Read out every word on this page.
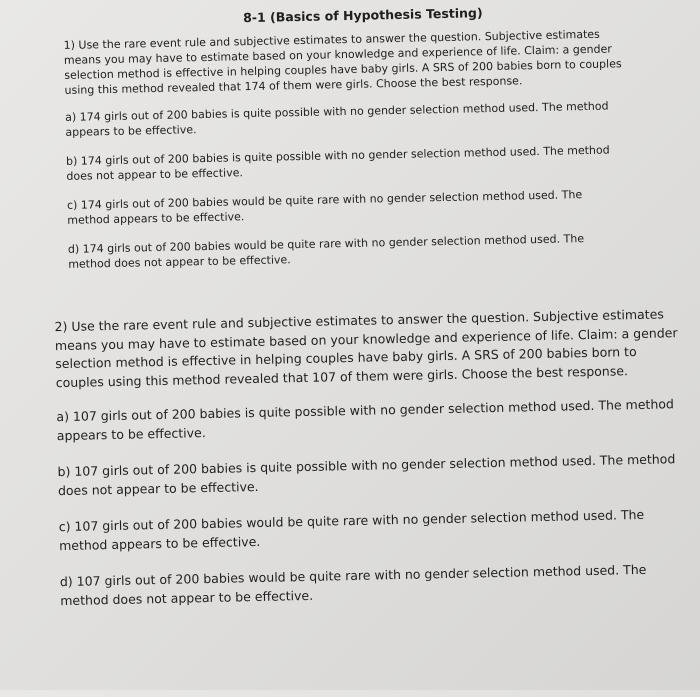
8-1 (Basics of Hypothesis Testing)

1) Use the rare event rule and subjective estimates to answer the question. Subjective estimates means you may have to estimate based on your knowledge and experience of life. Claim: a gender selection method is effective in helping couples have baby girls. A SRS of 200 babies born to couples using this method revealed that 174 of them were girls. Choose the best response.

a) 174 girls out of 200 babies is quite possible with no gender selection method used. The method appears to be effective.

b) 174 girls out of 200 babies is quite possible with no gender selection method used. The method does not appear to be effective.

c) 174 girls out of 200 babies would be quite rare with no gender selection method used. The method appears to be effective.

d) 174 girls out of 200 babies would be quite rare with no gender selection method used. The method does not appear to be effective.

2) Use the rare event rule and subjective estimates to answer the question. Subjective estimates means you may have to estimate based on your knowledge and experience of life. Claim: a gender selection method is effective in helping couples have baby girls. A SRS of 200 babies born to couples using this method revealed that 107 of them were girls. Choose the best response.

a) 107 girls out of 200 babies is quite possible with no gender selection method used. The method appears to be effective.

b) 107 girls out of 200 babies is quite possible with no gender selection method used. The method does not appear to be effective.

c) 107 girls out of 200 babies would be quite rare with no gender selection method used. The method appears to be effective.

d) 107 girls out of 200 babies would be quite rare with no gender selection method used. The method does not appear to be effective.
